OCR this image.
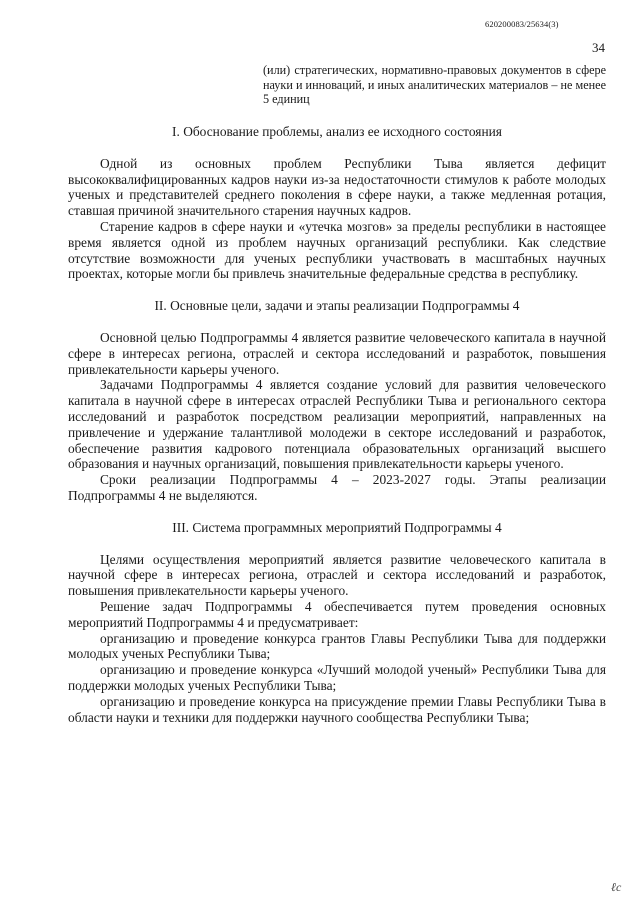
620200083/25634(3)
34
(или) стратегических, нормативно-правовых документов в сфере науки и инноваций, и иных аналитических материалов – не менее 5 единиц
I. Обоснование проблемы, анализ ее исходного состояния

Одной из основных проблем Республики Тыва является дефицит высококвалифицированных кадров науки из-за недостаточности стимулов к работе молодых ученых и представителей среднего поколения в сфере науки, а также медленная ротация, ставшая причиной значительного старения научных кадров.

Старение кадров в сфере науки и «утечка мозгов» за пределы республики в настоящее время является одной из проблем научных организаций республики. Как следствие отсутствие возможности для ученых республики участвовать в масштабных научных проектах, которые могли бы привлечь значительные федеральные средства в республику.

II. Основные цели, задачи и этапы реализации Подпрограммы 4

Основной целью Подпрограммы 4 является развитие человеческого капитала в научной сфере в интересах региона, отраслей и сектора исследований и разработок, повышения привлекательности карьеры ученого.

Задачами Подпрограммы 4 является создание условий для развития человеческого капитала в научной сфере в интересах отраслей Республики Тыва и регионального сектора исследований и разработок посредством реализации мероприятий, направленных на привлечение и удержание талантливой молодежи в секторе исследований и разработок, обеспечение развития кадрового потенциала образовательных организаций высшего образования и научных организаций, повышения привлекательности карьеры ученого.

Сроки реализации Подпрограммы 4 – 2023-2027 годы. Этапы реализации Подпрограммы 4 не выделяются.

III. Система программных мероприятий Подпрограммы 4

Целями осуществления мероприятий является развитие человеческого капитала в научной сфере в интересах региона, отраслей и сектора исследований и разработок, повышения привлекательности карьеры ученого.

Решение задач Подпрограммы 4 обеспечивается путем проведения основных мероприятий Подпрограммы 4 и предусматривает:

организацию и проведение конкурса грантов Главы Республики Тыва для поддержки молодых ученых Республики Тыва;

организацию и проведение конкурса «Лучший молодой ученый» Республики Тыва для поддержки молодых ученых Республики Тыва;

организацию и проведение конкурса на присуждение премии Главы Республики Тыва в области науки и техники для поддержки научного сообщества Республики Тыва;

ℓс
